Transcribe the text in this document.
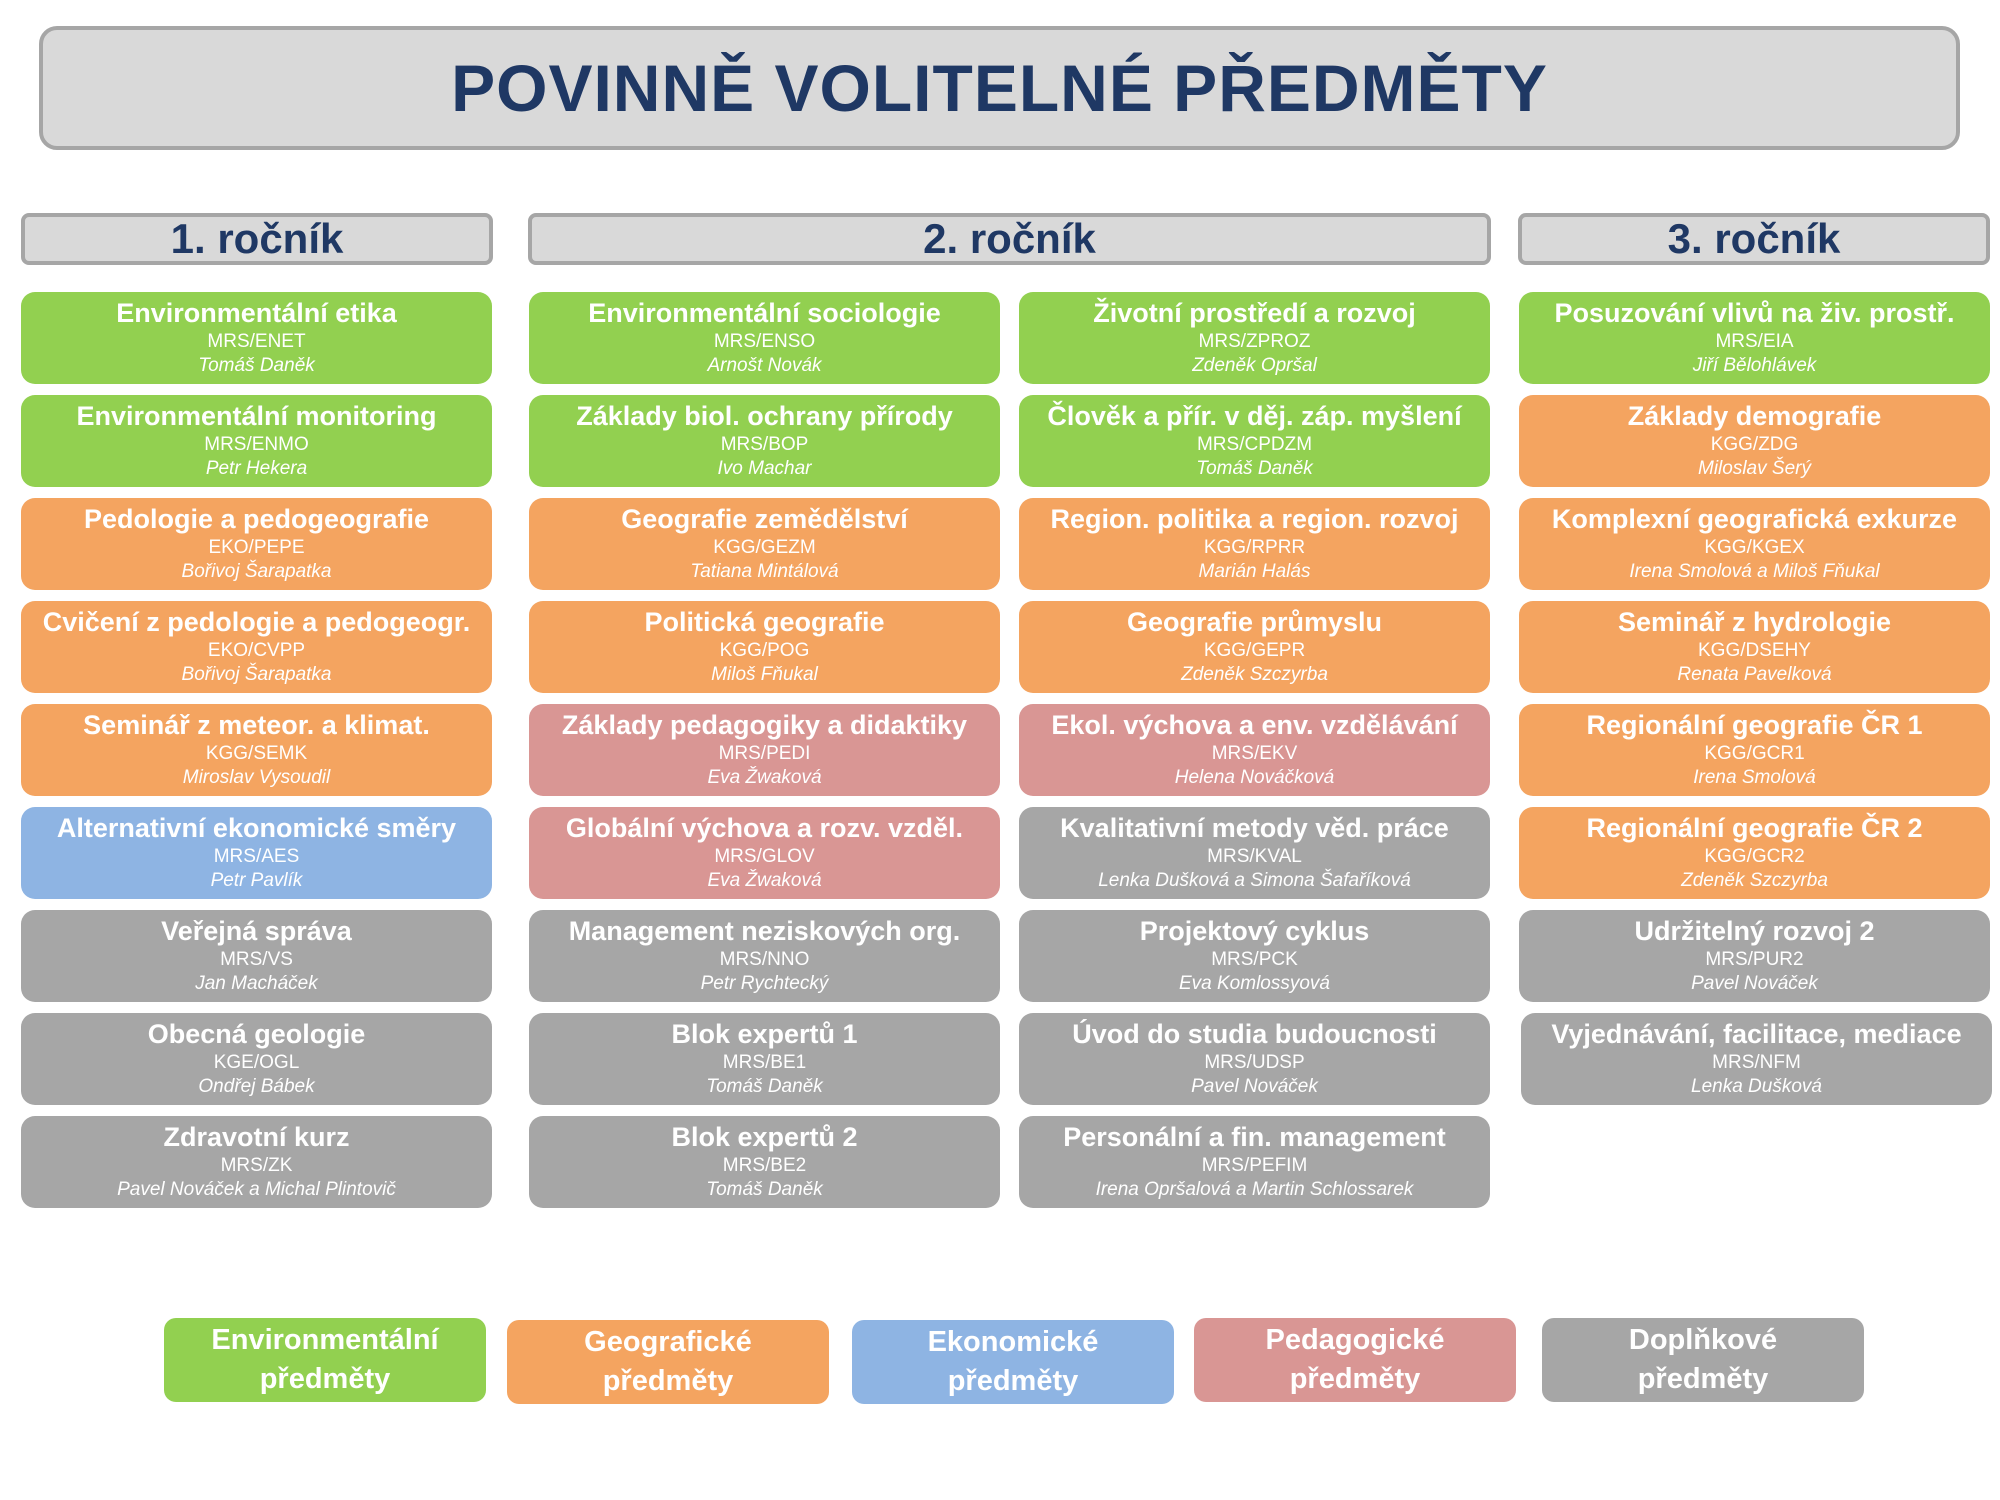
POVINNĚ VOLITELNÉ PŘEDMĚTY
1. ročník	2. ročník	3. ročník
Environmentální etika
MRS/ENET
Tomáš Daněk
Environmentální monitoring
MRS/ENMO
Petr Hekera
Pedologie a pedogeografie
EKO/PEPE
Bořivoj Šarapatka
Cvičení z pedologie a pedogeogr.
EKO/CVPP
Bořivoj Šarapatka
Seminář z meteor. a klimat.
KGG/SEMK
Miroslav Vysoudil
Alternativní ekonomické směry
MRS/AES
Petr Pavlík
Veřejná správa
MRS/VS
Jan Macháček
Obecná geologie
KGE/OGL
Ondřej Bábek
Zdravotní kurz
MRS/ZK
Pavel Nováček a Michal Plintovič
Environmentální sociologie
MRS/ENSO
Arnošt Novák
Základy biol. ochrany přírody
MRS/BOP
Ivo Machar
Geografie zemědělství
KGG/GEZM
Tatiana Mintálová
Politická geografie
KGG/POG
Miloš Fňukal
Základy pedagogiky a didaktiky
MRS/PEDI
Eva Žwaková
Globální výchova a rozv. vzděl.
MRS/GLOV
Eva Žwaková
Management neziskových org.
MRS/NNO
Petr Rychtecký
Blok expertů 1
MRS/BE1
Tomáš Daněk
Blok expertů 2
MRS/BE2
Tomáš Daněk
Životní prostředí a rozvoj
MRS/ZPROZ
Zdeněk Opršal
Člověk a přír. v děj. záp. myšlení
MRS/CPDZM
Tomáš Daněk
Region. politika a region. rozvoj
KGG/RPRR
Marián Halás
Geografie průmyslu
KGG/GEPR
Zdeněk Szczyrba
Ekol. výchova a env. vzdělávání
MRS/EKV
Helena Nováčková
Kvalitativní metody věd. práce
MRS/KVAL
Lenka Dušková a Simona Šafaříková
Projektový cyklus
MRS/PCK
Eva Komlossyová
Úvod do studia budoucnosti
MRS/UDSP
Pavel Nováček
Personální a fin. management
MRS/PEFIM
Irena Opršalová a Martin Schlossarek
Posuzování vlivů na živ. prostř.
MRS/EIA
Jiří Bělohlávek
Základy demografie
KGG/ZDG
Miloslav Šerý
Komplexní geografická exkurze
KGG/KGEX
Irena Smolová a Miloš Fňukal
Seminář z hydrologie
KGG/DSEHY
Renata Pavelková
Regionální geografie ČR 1
KGG/GCR1
Irena Smolová
Regionální geografie ČR 2
KGG/GCR2
Zdeněk Szczyrba
Udržitelný rozvoj 2
MRS/PUR2
Pavel Nováček
Vyjednávání, facilitace, mediace
MRS/NFM
Lenka Dušková
Environmentální
předměty
Geografické
předměty
Ekonomické
předměty
Pedagogické
předměty
Doplňkové
předměty
